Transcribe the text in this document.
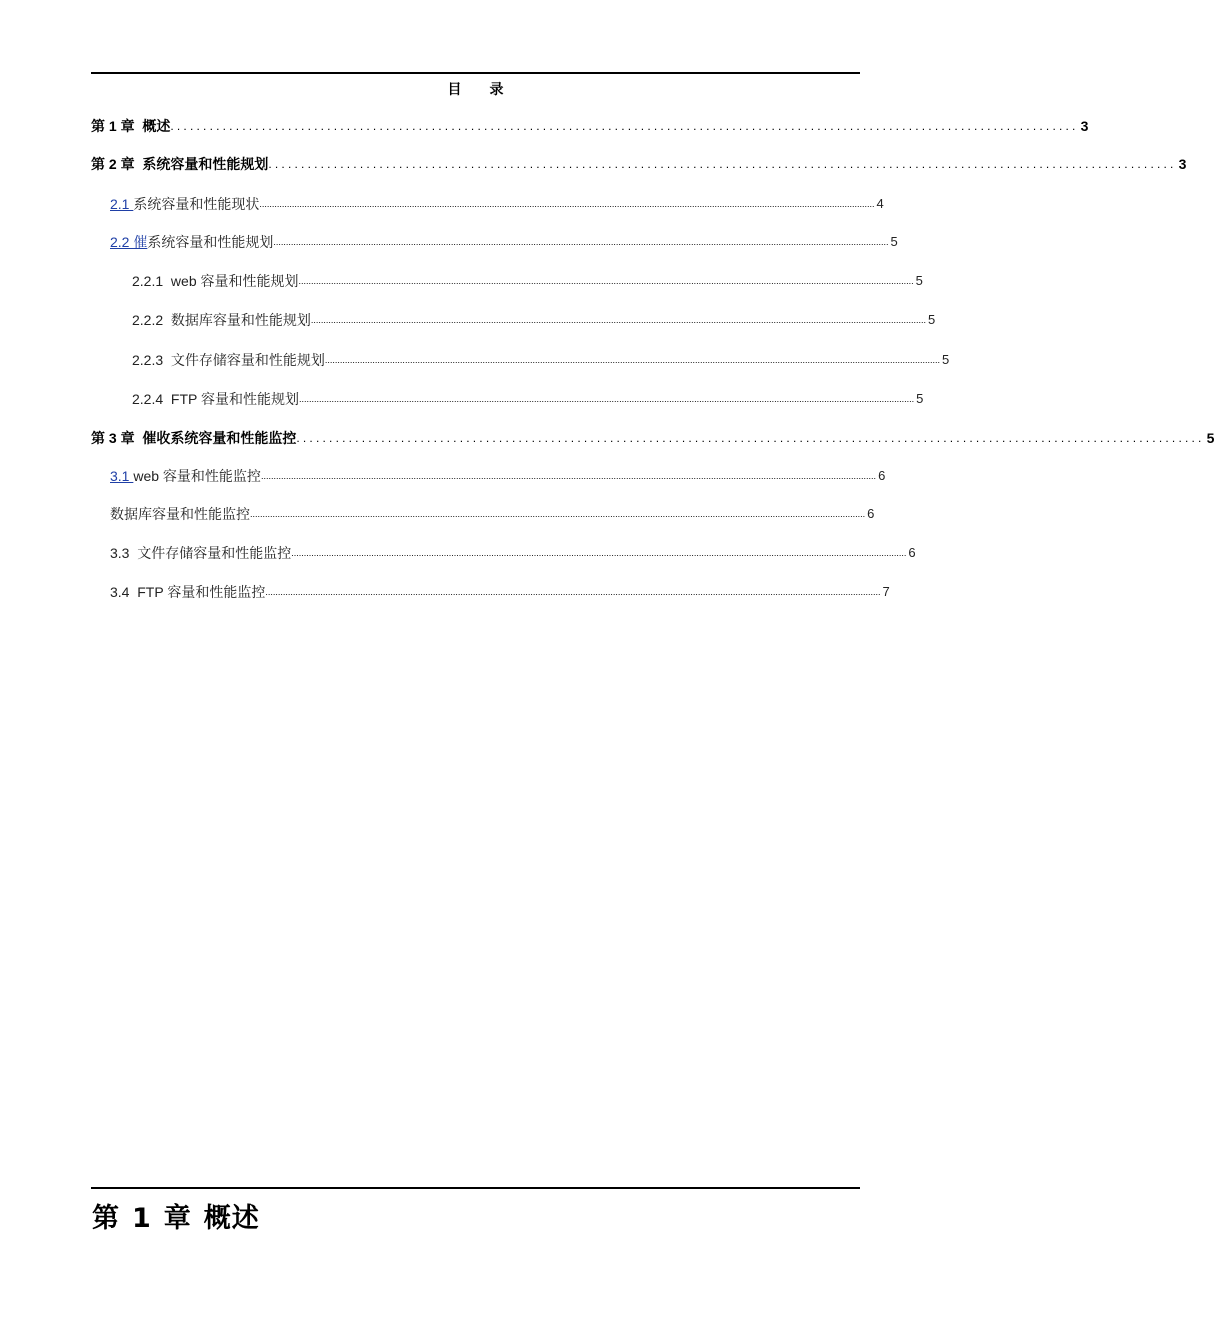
目 录
第 1 章 概述 ........................................................................................................................................... 3
第 2 章 系统容量和性能规划 ........................................................................................................................................... 3
2.1 系统容量和性能现状 ...................................................................................................................................................................................................................................................... 4
2.2 催系统容量和性能规划 ...................................................................................................................................................................................................................................................... 5
2.2.1 web 容量和性能规划 ...................................................................................................................................................................................................................................................... 5
2.2.2 数据库容量和性能规划 ...................................................................................................................................................................................................................................................... 5
2.2.3 文件存储容量和性能规划 ...................................................................................................................................................................................................................................................... 5
2.2.4 FTP 容量和性能规划 ...................................................................................................................................................................................................................................................... 5
第 3 章 催收系统容量和性能监控 ........................................................................................................................................... 5
3.1 web 容量和性能监控 ...................................................................................................................................................................................................................................................... 6
数据库容量和性能监控 ...................................................................................................................................................................................................................................................... 6
3.3 文件存储容量和性能监控 ...................................................................................................................................................................................................................................................... 6
3.4 FTP 容量和性能监控 ...................................................................................................................................................................................................................................................... 7
第 1 章 概述
